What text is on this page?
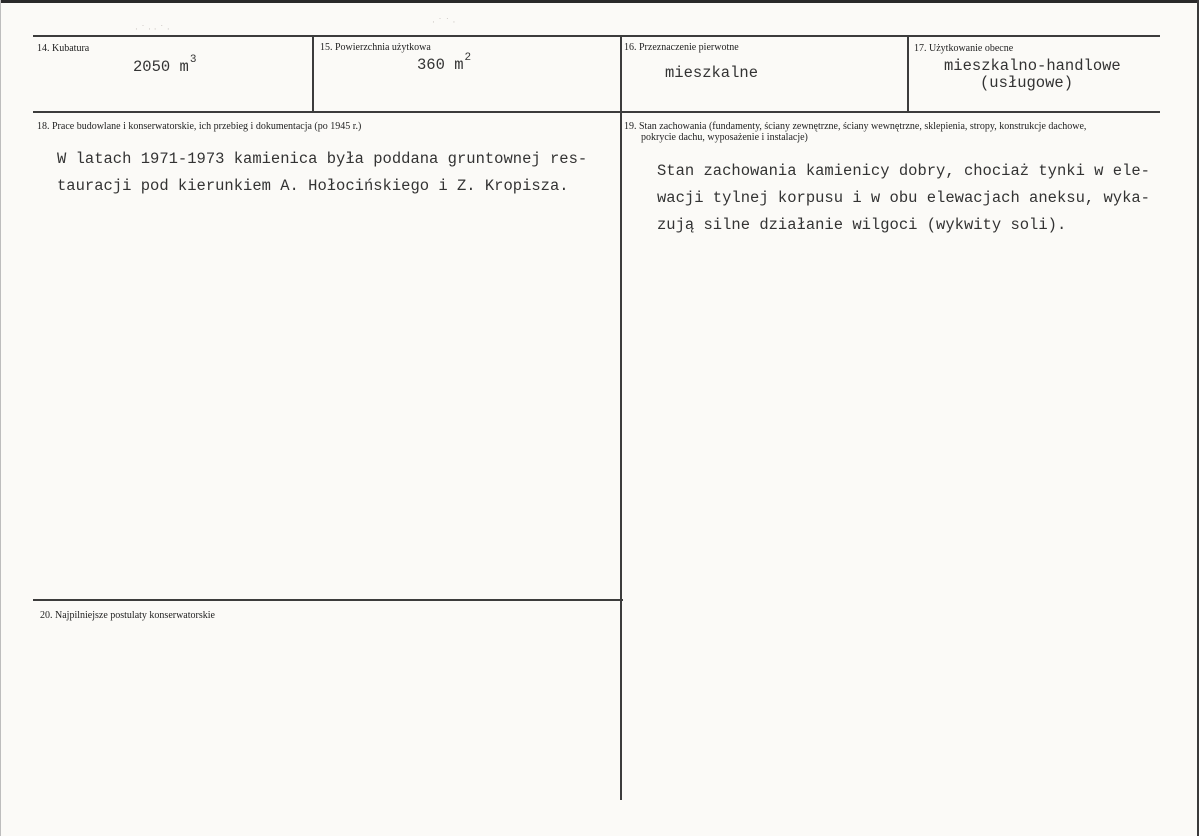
· ˙ · · ˙ ·
· ˙ ˙ ·
14. Kubatura
2050 $m^3$
15. Powierzchnia użytkowa
360 $m^2$
16. Przeznaczenie pierwotne
mieszkalne
17. Użytkowanie obecne
mieszkalno-handlowe
(usługowe)
18. Prace budowlane i konserwatorskie, ich przebieg i dokumentacja (po 1945 r.)
W latach 1971-1973 kamienica była poddana gruntownej res-
tauracji pod kierunkiem A. Hołocińskiego i Z. Kropisza.
19. Stan zachowania (fundamenty, ściany zewnętrzne, ściany wewnętrzne, sklepienia, stropy, konstrukcje dachowe,
pokrycie dachu, wyposażenie i instalacje)
Stan zachowania kamienicy dobry, chociaż tynki w ele-
wacji tylnej korpusu i w obu elewacjach aneksu, wyka-
zują silne działanie wilgoci (wykwity soli).
20. Najpilniejsze postulaty konserwatorskie
